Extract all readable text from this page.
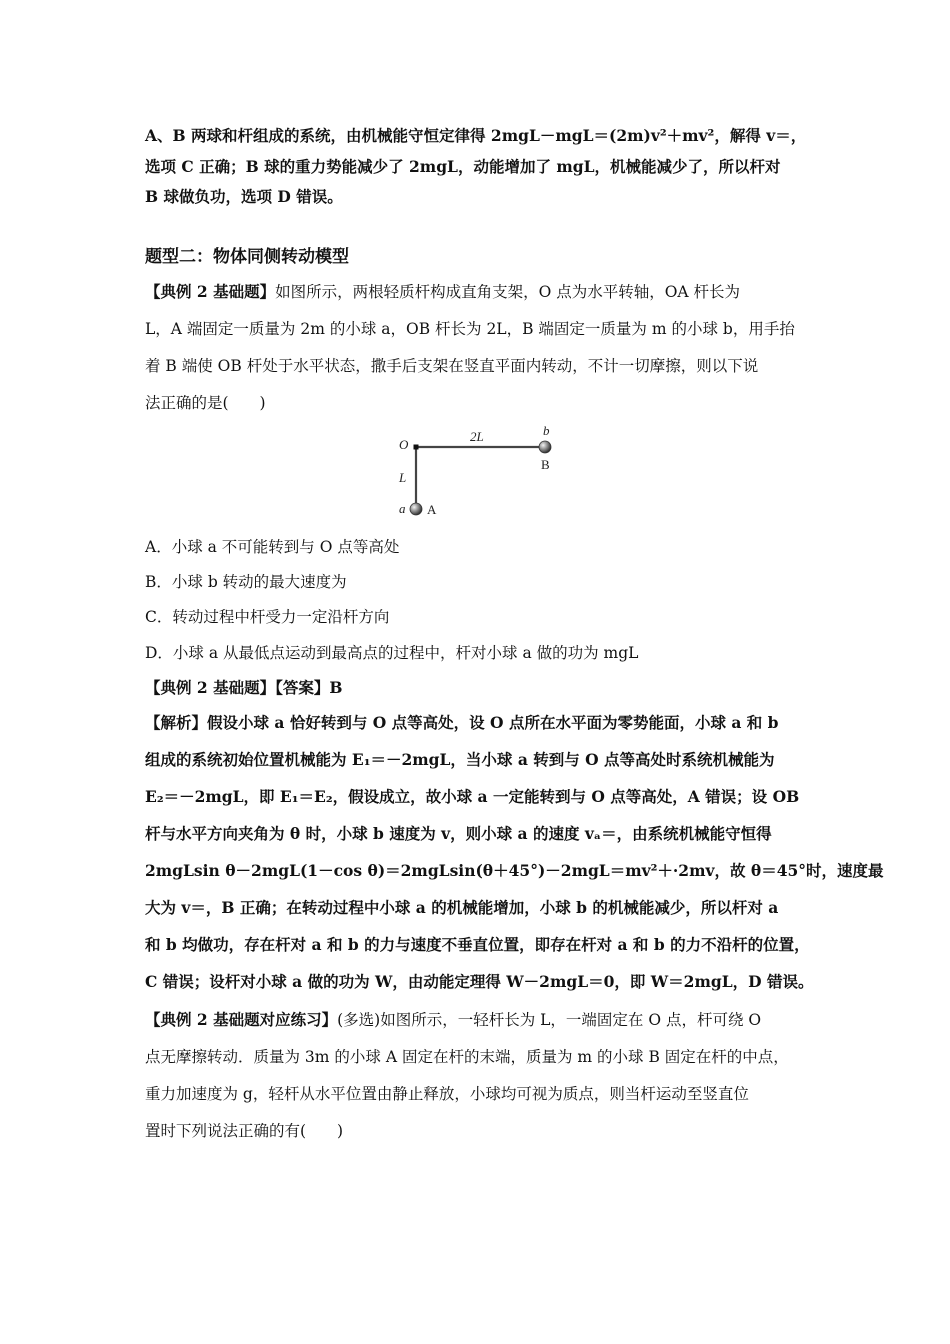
A、B 两球和杆组成的系统，由机械能守恒定律得 2mgL－mgL＝(2m)v²＋mv²，解得 v＝，
选项 C 正确；B 球的重力势能减少了 2mgL，动能增加了 mgL，机械能减少了，所以杆对
B 球做负功，选项 D 错误。
题型二：物体同侧转动模型
【典例 2 基础题】如图所示，两根轻质杆构成直角支架，O 点为水平转轴，OA 杆长为
L，A 端固定一质量为 2m 的小球 a，OB 杆长为 2L，B 端固定一质量为 m 的小球 b，用手抬
着 B 端使 OB 杆处于水平状态，撒手后支架在竖直平面内转动，不计一切摩擦，则以下说
法正确的是(　　)
O
2L	b
B
L
a A
A．小球 a 不可能转到与 O 点等高处
B．小球 b 转动的最大速度为
C．转动过程中杆受力一定沿杆方向
D．小球 a 从最低点运动到最高点的过程中，杆对小球 a 做的功为 mgL
【典例 2 基础题】【答案】B
【解析】假设小球 a 恰好转到与 O 点等高处，设 O 点所在水平面为零势能面，小球 a 和 b
组成的系统初始位置机械能为 E₁＝－2mgL，当小球 a 转到与 O 点等高处时系统机械能为
E₂＝－2mgL，即 E₁＝E₂，假设成立，故小球 a 一定能转到与 O 点等高处，A 错误；设 OB
杆与水平方向夹角为 θ 时，小球 b 速度为 v，则小球 a 的速度 vₐ＝，由系统机械能守恒得
2mgLsin θ－2mgL(1－cos θ)＝2mgLsin(θ＋45°)－2mgL＝mv²＋·2mv，故 θ＝45°时，速度最
大为 v＝，B 正确；在转动过程中小球 a 的机械能增加，小球 b 的机械能减少，所以杆对 a
和 b 均做功，存在杆对 a 和 b 的力与速度不垂直位置，即存在杆对 a 和 b 的力不沿杆的位置，
C 错误；设杆对小球 a 做的功为 W，由动能定理得 W－2mgL＝0，即 W＝2mgL，D 错误。
【典例 2 基础题对应练习】(多选)如图所示，一轻杆长为 L，一端固定在 O 点，杆可绕 O
点无摩擦转动．质量为 3m 的小球 A 固定在杆的末端，质量为 m 的小球 B 固定在杆的中点，
重力加速度为 g，轻杆从水平位置由静止释放，小球均可视为质点，则当杆运动至竖直位
置时下列说法正确的有(　　)
